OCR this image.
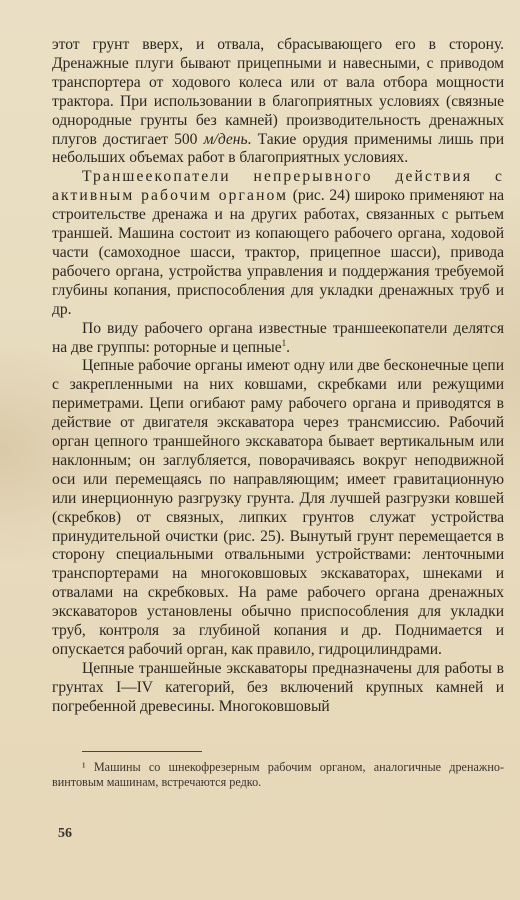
этот грунт вверх, и отвала, сбрасывающего его в сторону. Дренажные плуги бывают прицепными и навесными, с приводом транспортера от ходового колеса или от вала отбора мощности трактора. При использовании в благоприятных условиях (связные однородные грунты без камней) производительность дренажных плугов достигает 500 м/день. Такие орудия применимы лишь при небольших объемах работ в благоприятных условиях.

Траншеекопатели непрерывного действия с активным рабочим органом (рис. 24) широко применяют на строительстве дренажа и на других работах, связанных с рытьем траншей. Машина состоит из копающего рабочего органа, ходовой части (самоходное шасси, трактор, прицепное шасси), привода рабочего органа, устройства управления и поддержания требуемой глубины копания, приспособления для укладки дренажных труб и др.

По виду рабочего органа известные траншеекопатели делятся на две группы: роторные и цепные$^1$.

Цепные рабочие органы имеют одну или две бесконечные цепи с закрепленными на них ковшами, скребками или режущими периметрами. Цепи огибают раму рабочего органа и приводятся в действие от двигателя экскаватора через трансмиссию. Рабочий орган цепного траншейного экскаватора бывает вертикальным или наклонным; он заглубляется, поворачиваясь вокруг неподвижной оси или перемещаясь по направляющим; имеет гравитационную или инерционную разгрузку грунта. Для лучшей разгрузки ковшей (скребков) от связных, липких грунтов служат устройства принудительной очистки (рис. 25). Вынутый грунт перемещается в сторону специальными отвальными устройствами: ленточными транспортерами на многоковшовых экскаваторах, шнеками и отвалами на скребковых. На раме рабочего органа дренажных экскаваторов установлены обычно приспособления для укладки труб, контроля за глубиной копания и др. Поднимается и опускается рабочий орган, как правило, гидроцилиндрами.

Цепные траншейные экскаваторы предназначены для работы в грунтах I—IV категорий, без включений крупных камней и погребенной древесины. Многоковшовый

¹ Машины со шнекофрезерным рабочим органом, аналогичные дренажно-винтовым машинам, встречаются редко.

56
